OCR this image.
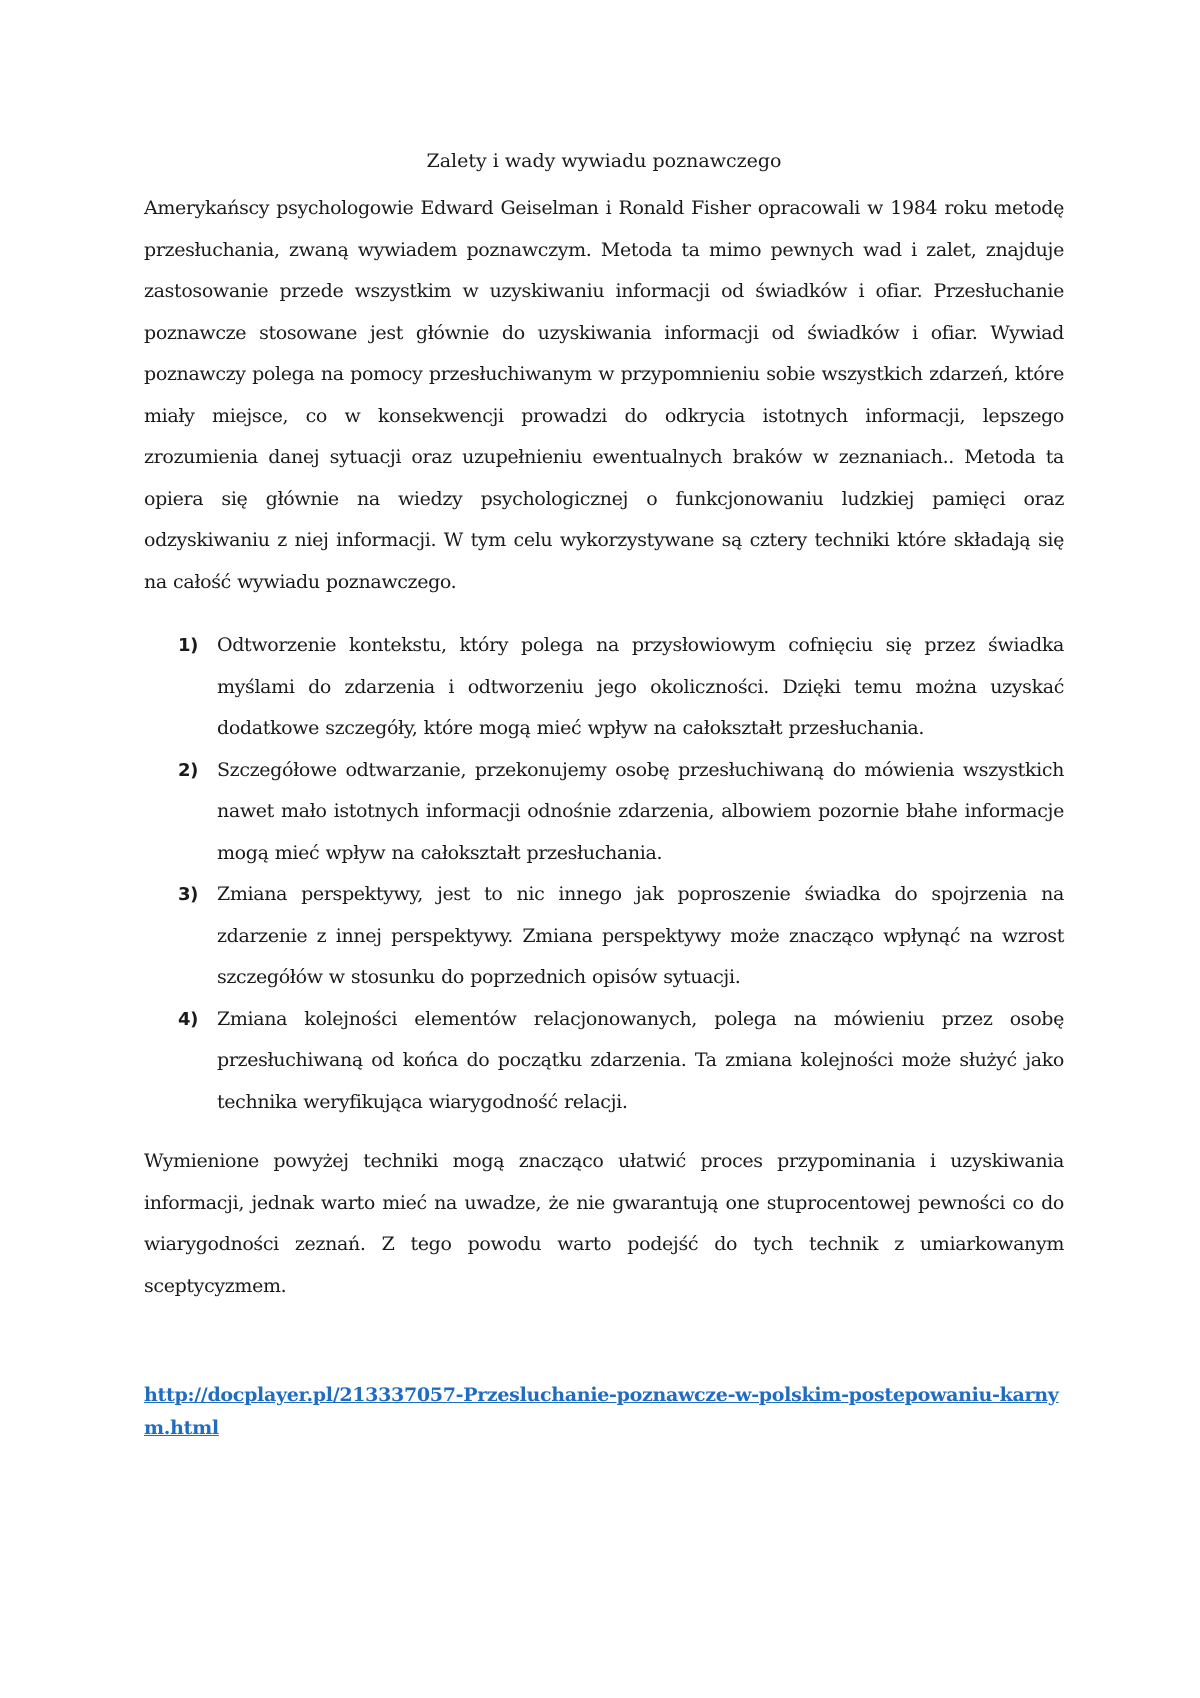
Zalety i wady wywiadu poznawczego

Amerykańscy psychologowie Edward Geiselman i Ronald Fisher opracowali w 1984 roku metodę przesłuchania, zwaną wywiadem poznawczym. Metoda ta mimo pewnych wad i zalet, znajduje zastosowanie przede wszystkim w uzyskiwaniu informacji od świadków i ofiar. Przesłuchanie poznawcze stosowane jest głównie do uzyskiwania informacji od świadków i ofiar. Wywiad poznawczy polega na pomocy przesłuchiwanym w przypomnieniu sobie wszystkich zdarzeń, które miały miejsce, co w konsekwencji prowadzi do odkrycia istotnych informacji, lepszego zrozumienia danej sytuacji oraz uzupełnieniu ewentualnych braków w zeznaniach.. Metoda ta opiera się głównie na wiedzy psychologicznej o funkcjonowaniu ludzkiej pamięci oraz odzyskiwaniu z niej informacji. W tym celu wykorzystywane są cztery techniki które składają się na całość wywiadu poznawczego.

1) Odtworzenie kontekstu, który polega na przysłowiowym cofnięciu się przez świadka myślami do zdarzenia i odtworzeniu jego okoliczności. Dzięki temu można uzyskać dodatkowe szczegóły, które mogą mieć wpływ na całokształt przesłuchania.
2) Szczegółowe odtwarzanie, przekonujemy osobę przesłuchiwaną do mówienia wszystkich nawet mało istotnych informacji odnośnie zdarzenia, albowiem pozornie błahe informacje mogą mieć wpływ na całokształt przesłuchania.
3) Zmiana perspektywy, jest to nic innego jak poproszenie świadka do spojrzenia na zdarzenie z innej perspektywy. Zmiana perspektywy może znacząco wpłynąć na wzrost szczegółów w stosunku do poprzednich opisów sytuacji.
4) Zmiana kolejności elementów relacjonowanych, polega na mówieniu przez osobę przesłuchiwaną od końca do początku zdarzenia. Ta zmiana kolejności może służyć jako technika weryfikująca wiarygodność relacji.

Wymienione powyżej techniki mogą znacząco ułatwić proces przypominania i uzyskiwania informacji, jednak warto mieć na uwadze, że nie gwarantują one stuprocentowej pewności co do wiarygodności zeznań. Z tego powodu warto podejść do tych technik z umiarkowanym sceptycyzmem.

http://docplayer.pl/213337057-Przesluchanie-poznawcze-w-polskim-postepowaniu-karnym.html
